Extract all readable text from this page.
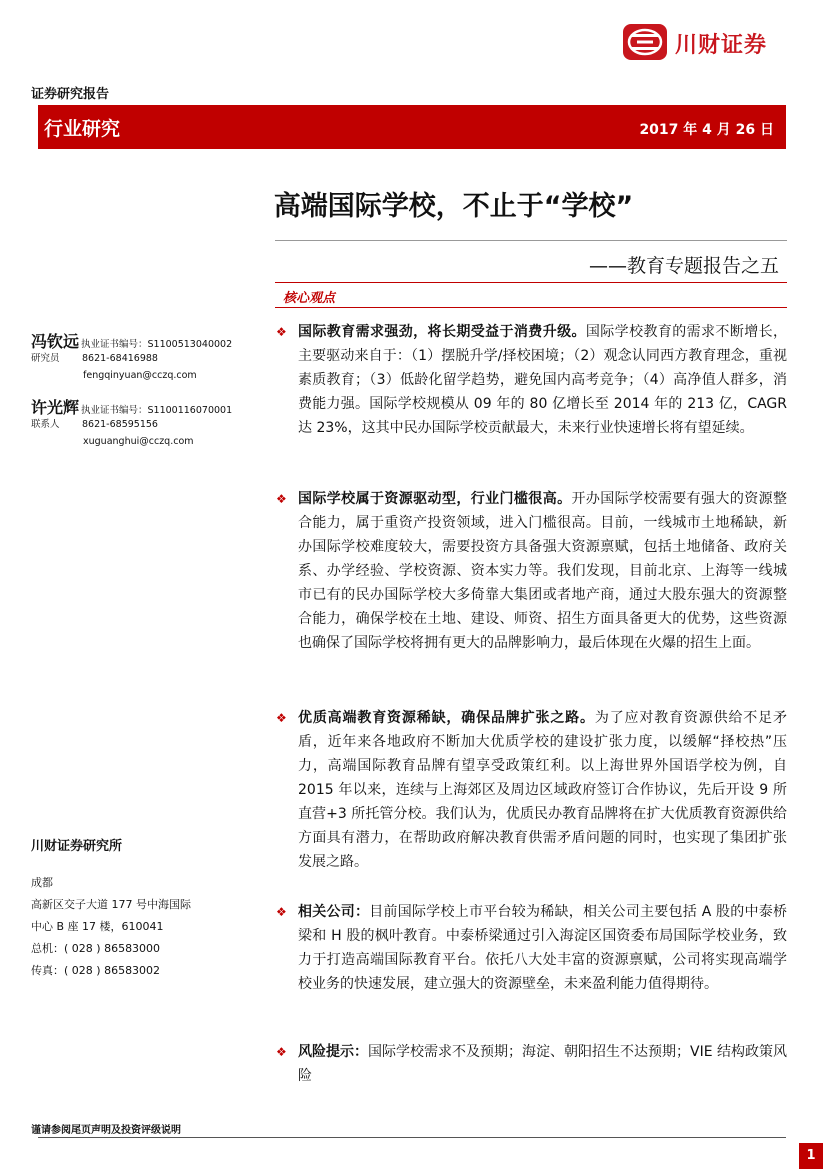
川财证券
证券研究报告
行业研究	2017 年 4 月 26 日
高端国际学校，不止于“学校”
——教育专题报告之五
核心观点
冯钦远 执业证书编号：S1100513040002
研究员 8621-68416988
fengqinyuan@cczq.com
许光辉 执业证书编号：S1100116070001
联系人 8621-68595156
xuguanghui@cczq.com
川财证券研究所
成都
高新区交子大道 177 号中海国际
中心 B 座 17 楼，610041
总机：( 028 ) 86583000
传真：( 028 ) 86583002
❖ 国际教育需求强劲，将长期受益于消费升级。国际学校教育的需求不断增长，主要驱动来自于：（1）摆脱升学/择校困境；（2）观念认同西方教育理念，重视素质教育；（3）低龄化留学趋势，避免国内高考竞争；（4）高净值人群多，消费能力强。国际学校规模从 09 年的 80 亿增长至 2014 年的 213 亿，CAGR 达 23%，这其中民办国际学校贡献最大，未来行业快速增长将有望延续。
❖ 国际学校属于资源驱动型，行业门槛很高。开办国际学校需要有强大的资源整合能力，属于重资产投资领域，进入门槛很高。目前，一线城市土地稀缺，新办国际学校难度较大，需要投资方具备强大资源禀赋，包括土地储备、政府关系、办学经验、学校资源、资本实力等。我们发现，目前北京、上海等一线城市已有的民办国际学校大多倚靠大集团或者地产商，通过大股东强大的资源整合能力，确保学校在土地、建设、师资、招生方面具备更大的优势，这些资源也确保了国际学校将拥有更大的品牌影响力，最后体现在火爆的招生上面。
❖ 优质高端教育资源稀缺，确保品牌扩张之路。为了应对教育资源供给不足矛盾，近年来各地政府不断加大优质学校的建设扩张力度，以缓解“择校热”压力，高端国际教育品牌有望享受政策红利。以上海世界外国语学校为例，自 2015 年以来，连续与上海郊区及周边区域政府签订合作协议，先后开设 9 所直营+3 所托管分校。我们认为，优质民办教育品牌将在扩大优质教育资源供给方面具有潜力，在帮助政府解决教育供需矛盾问题的同时，也实现了集团扩张发展之路。
❖ 相关公司：目前国际学校上市平台较为稀缺，相关公司主要包括 A 股的中泰桥梁和 H 股的枫叶教育。中泰桥梁通过引入海淀区国资委布局国际学校业务，致力于打造高端国际教育平台。依托八大处丰富的资源禀赋，公司将实现高端学校业务的快速发展，建立强大的资源壁垒，未来盈利能力值得期待。
❖ 风险提示：国际学校需求不及预期；海淀、朝阳招生不达预期；VIE 结构政策风险
谨请参阅尾页声明及投资评级说明
1
